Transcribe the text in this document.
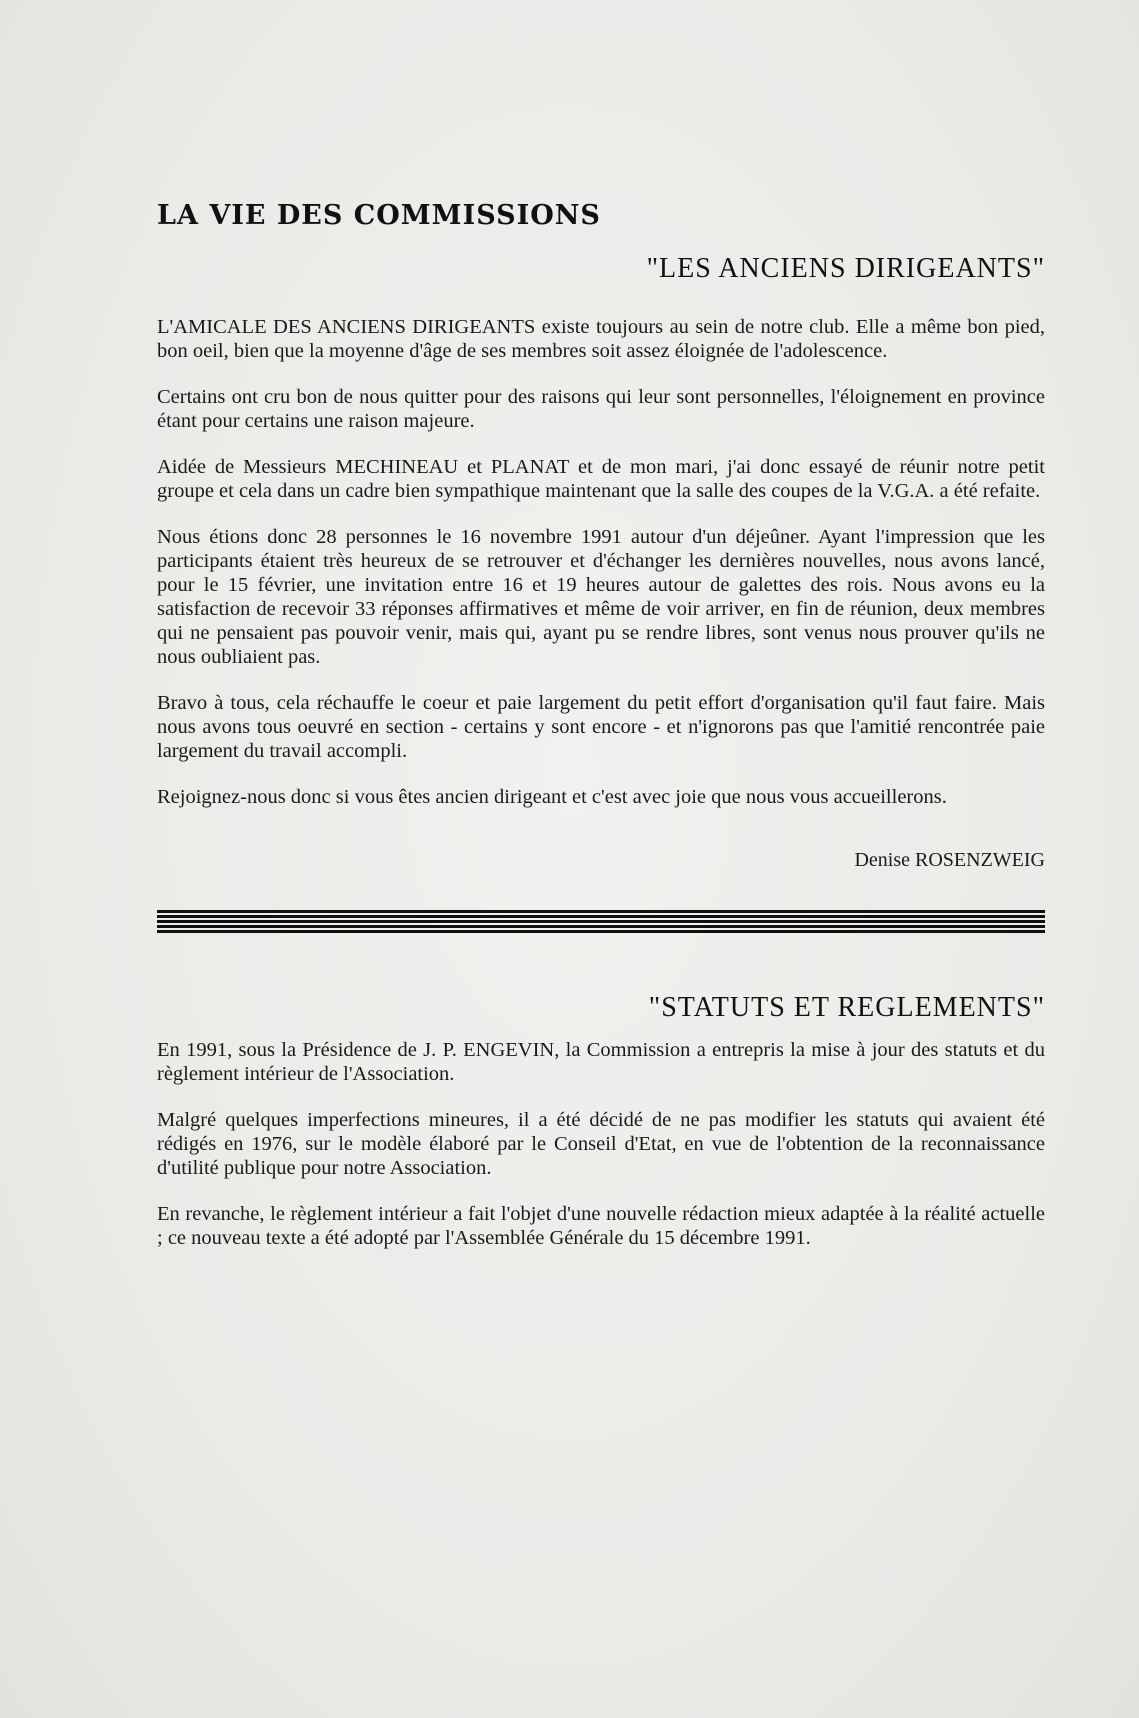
LA VIE DES COMMISSIONS
"LES ANCIENS DIRIGEANTS"

L'AMICALE DES ANCIENS DIRIGEANTS existe toujours au sein de notre club. Elle a même bon pied, bon oeil, bien que la moyenne d'âge de ses membres soit assez éloignée de l'adolescence.

Certains ont cru bon de nous quitter pour des raisons qui leur sont personnelles, l'éloignement en province étant pour certains une raison majeure.

Aidée de Messieurs MECHINEAU et PLANAT et de mon mari, j'ai donc essayé de réunir notre petit groupe et cela dans un cadre bien sympathique maintenant que la salle des coupes de la V.G.A. a été refaite.

Nous étions donc 28 personnes le 16 novembre 1991 autour d'un déjeûner. Ayant l'impression que les participants étaient très heureux de se retrouver et d'échanger les dernières nouvelles, nous avons lancé, pour le 15 février, une invitation entre 16 et 19 heures autour de galettes des rois. Nous avons eu la satisfaction de recevoir 33 réponses affirmatives et même de voir arriver, en fin de réunion, deux membres qui ne pensaient pas pouvoir venir, mais qui, ayant pu se rendre libres, sont venus nous prouver qu'ils ne nous oubliaient pas.

Bravo à tous, cela réchauffe le coeur et paie largement du petit effort d'organisation qu'il faut faire. Mais nous avons tous oeuvré en section - certains y sont encore - et n'ignorons pas que l'amitié rencontrée paie largement du travail accompli.

Rejoignez-nous donc si vous êtes ancien dirigeant et c'est avec joie que nous vous accueillerons.

Denise ROSENZWEIG
"STATUTS ET REGLEMENTS"

En 1991, sous la Présidence de J. P. ENGEVIN, la Commission a entrepris la mise à jour des statuts et du règlement intérieur de l'Association.

Malgré quelques imperfections mineures, il a été décidé de ne pas modifier les statuts qui avaient été rédigés en 1976, sur le modèle élaboré par le Conseil d'Etat, en vue de l'obtention de la reconnaissance d'utilité publique pour notre Association.

En revanche, le règlement intérieur a fait l'objet d'une nouvelle rédaction mieux adaptée à la réalité actuelle ; ce nouveau texte a été adopté par l'Assemblée Générale du 15 décembre 1991.
